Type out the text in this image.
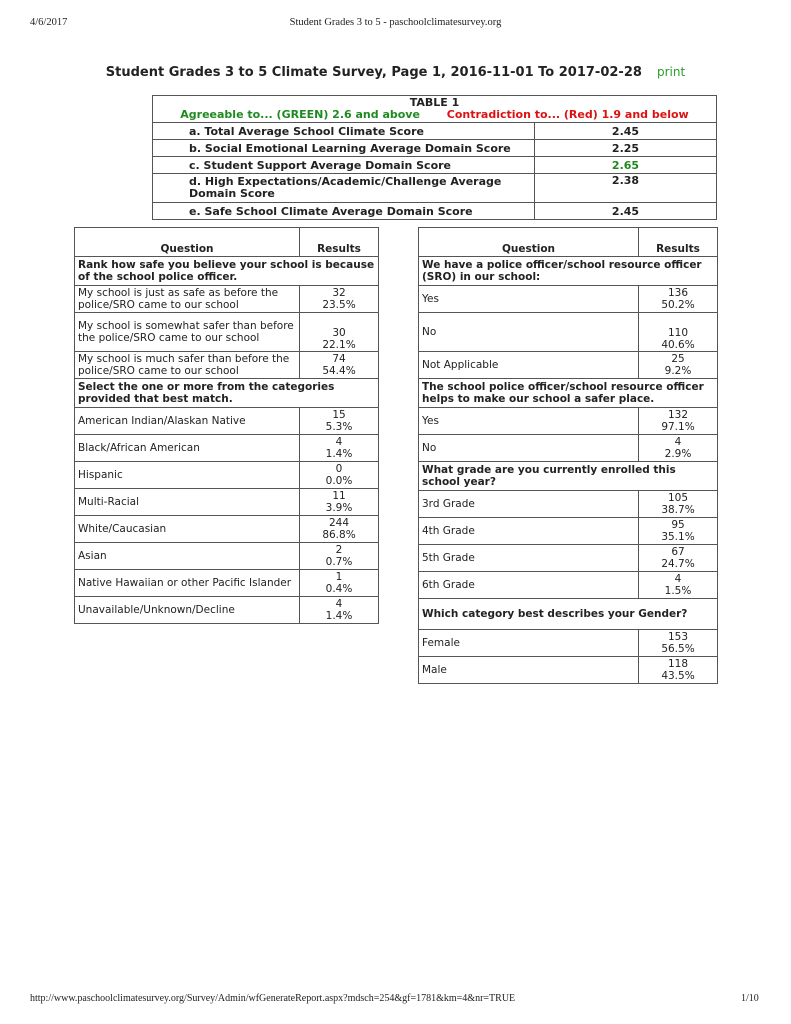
4/6/2017	Student Grades 3 to 5 - paschoolclimatesurvey.org
Student Grades 3 to 5 Climate Survey, Page 1, 2016-11-01 To 2017-02-28 print
TABLE 1
Agreeable to... (GREEN) 2.6 and above Contradiction to... (Red) 1.9 and below	

a. Total Average School Climate Score	2.45
b. Social Emotional Learning Average Domain Score	2.25
c. Student Support Average Domain Score	2.65
d. High Expectations/Academic/Challenge Average Domain Score	2.38
e. Safe School Climate Average Domain Score	2.45
Question	Results
Rank how safe you believe your school is because of the school police officer.	
My school is just as safe as before the police/SRO came to our school	32
23.5%

My school is somewhat safer than before the police/SRO came to our school	30
22.1%

My school is much safer than before the police/SRO came to our school	74
54.4%

Select the one or more from the categories provided that best match.	
American Indian/Alaskan Native	15
5.3%

Black/African American	4
1.4%

Hispanic	0
0.0%

Multi-Racial	11
3.9%

White/Caucasian	244
86.8%

Asian	2
0.7%

Native Hawaiian or other Pacific Islander	1
0.4%

Unavailable/Unknown/Decline	4
1.4%
Question	Results
We have a police officer/school resource officer (SRO) in our school:	
Yes	136
50.2%

No	110
40.6%

Not Applicable	25
9.2%

The school police officer/school resource officer helps to make our school a safer place.	
Yes	132
97.1%

No	4
2.9%

What grade are you currently enrolled this school year?	
3rd Grade	105
38.7%

4th Grade	95
35.1%

5th Grade	67
24.7%

6th Grade	4
1.5%

Which category best describes your Gender?	
Female	153
56.5%

Male	118
43.5%
http://www.paschoolclimatesurvey.org/Survey/Admin/wfGenerateReport.aspx?mdsch=254&gf=1781&km=4&nr=TRUE	1/10
